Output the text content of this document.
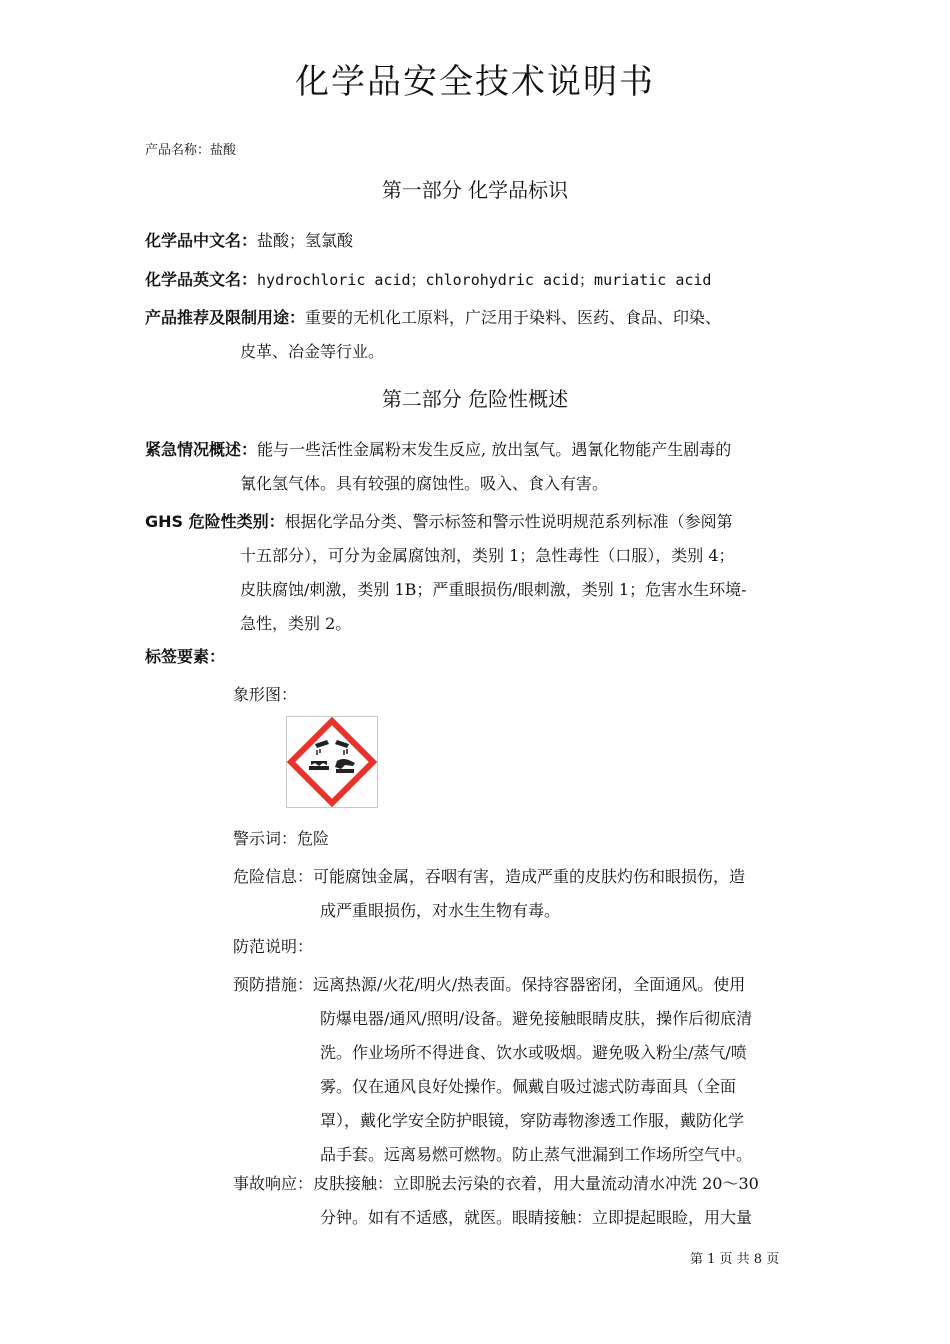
化学品安全技术说明书
产品名称：盐酸
第一部分 化学品标识
化学品中文名：盐酸；氢氯酸
化学品英文名：hydrochloric acid；chlorohydric acid；muriatic acid
产品推荐及限制用途：重要的无机化工原料，广泛用于染料、医药、食品、印染、
皮革、冶金等行业。
第二部分 危险性概述
紧急情况概述：能与一些活性金属粉末发生反应, 放出氢气。遇氰化物能产生剧毒的
氰化氢气体。具有较强的腐蚀性。吸入、食入有害。
GHS 危险性类别：根据化学品分类、警示标签和警示性说明规范系列标准（参阅第
十五部分），可分为金属腐蚀剂，类别 1；急性毒性（口服），类别 4；
皮肤腐蚀/刺激，类别 1B；严重眼损伤/眼刺激，类别 1；危害水生环境-
急性，类别 2。
标签要素：
象形图：
警示词：危险
危险信息：可能腐蚀金属，吞咽有害，造成严重的皮肤灼伤和眼损伤，造
成严重眼损伤，对水生生物有毒。
防范说明：
预防措施：远离热源/火花/明火/热表面。保持容器密闭，全面通风。使用
防爆电器/通风/照明/设备。避免接触眼睛皮肤，操作后彻底清
洗。作业场所不得进食、饮水或吸烟。避免吸入粉尘/蒸气/喷
雾。仅在通风良好处操作。佩戴自吸过滤式防毒面具（全面
罩），戴化学安全防护眼镜，穿防毒物渗透工作服，戴防化学
品手套。远离易燃可燃物。防止蒸气泄漏到工作场所空气中。
事故响应：皮肤接触：立即脱去污染的衣着，用大量流动清水冲洗 20～30
分钟。如有不适感，就医。眼睛接触：立即提起眼睑，用大量
第 1 页 共 8 页
